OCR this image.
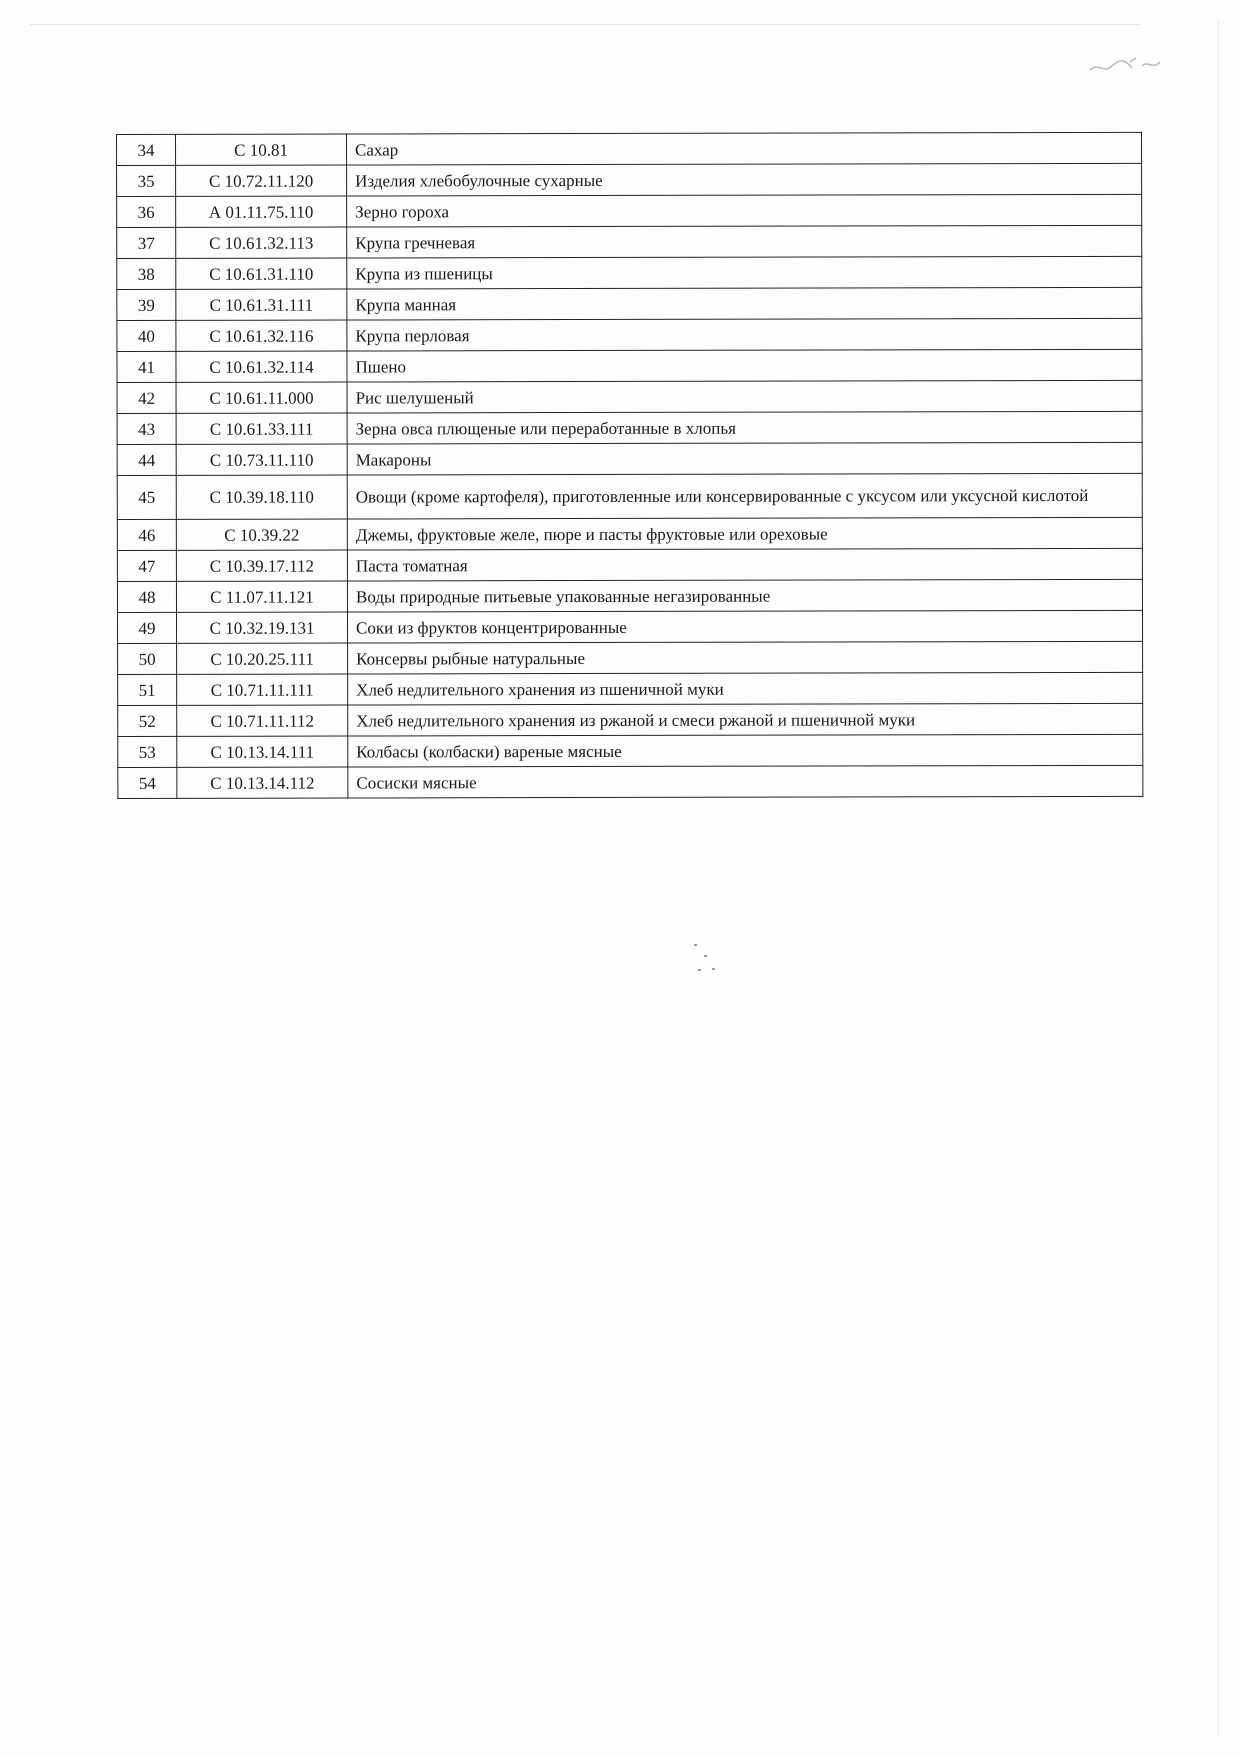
34	С 10.81	Сахар
35	С 10.72.11.120	Изделия хлебобулочные сухарные
36	А 01.11.75.110	Зерно гороха
37	С 10.61.32.113	Крупа гречневая
38	С 10.61.31.110	Крупа из пшеницы
39	С 10.61.31.111	Крупа манная
40	С 10.61.32.116	Крупа перловая
41	С 10.61.32.114	Пшено
42	С 10.61.11.000	Рис шелушеный
43	С 10.61.33.111	Зерна овса плющеные или переработанные в хлопья
44	С 10.73.11.110	Макароны
45	С 10.39.18.110	Овощи (кроме картофеля), приготовленные или консервированные с уксусом или уксусной кислотой
46	С 10.39.22	Джемы, фруктовые желе, пюре и пасты фруктовые или ореховые
47	С 10.39.17.112	Паста томатная
48	С 11.07.11.121	Воды природные питьевые упакованные негазированные
49	С 10.32.19.131	Соки из фруктов концентрированные
50	С 10.20.25.111	Консервы рыбные натуральные
51	С 10.71.11.111	Хлеб недлительного хранения из пшеничной муки
52	С 10.71.11.112	Хлеб недлительного хранения из ржаной и смеси ржаной и пшеничной муки
53	С 10.13.14.111	Колбасы (колбаски) вареные мясные
54	С 10.13.14.112	Сосиски мясные
